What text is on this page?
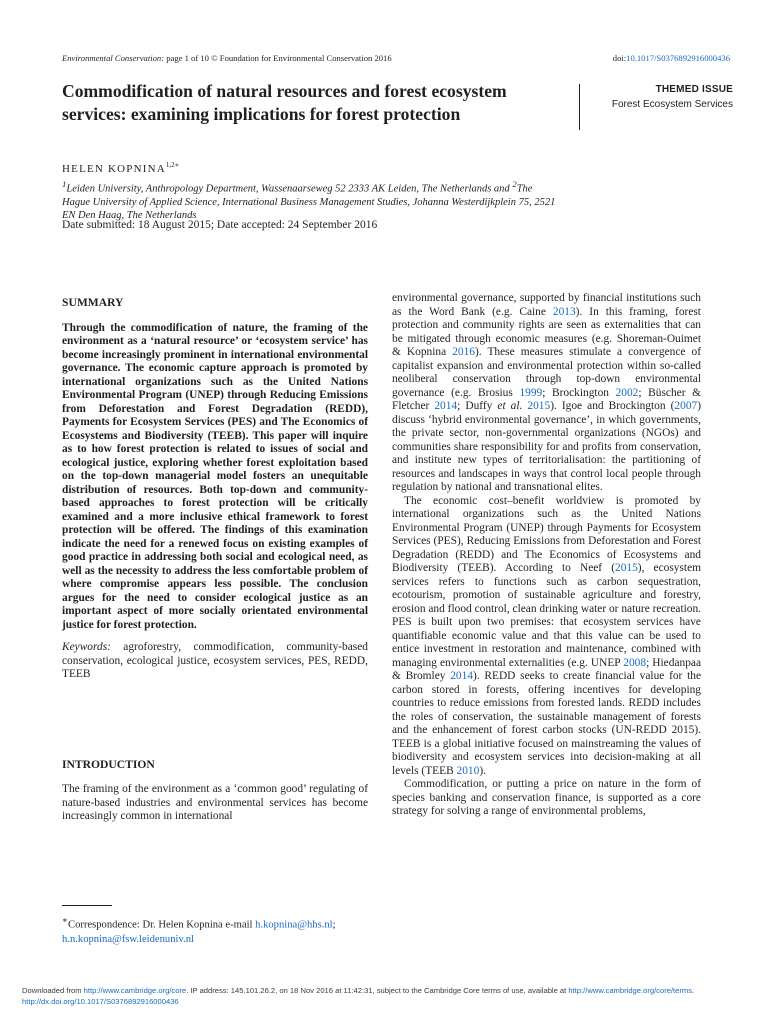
Environmental Conservation: page 1 of 10 © Foundation for Environmental Conservation 2016	doi:10.1017/S0376892916000436
Commodification of natural resources and forest ecosystem services: examining implications for forest protection
THEMED ISSUE
Forest Ecosystem Services
HELEN $KOPNINA^{1,2∗}$
$^1$Leiden University, Anthropology Department, Wassenaarseweg 52 2333 AK Leiden, The Netherlands and $^2$The Hague University of Applied Science, International Business Management Studies, Johanna Westerdijkplein 75, 2521 EN Den Haag, The Netherlands
Date submitted: 18 August 2015; Date accepted: 24 September 2016
SUMMARY

Through the commodification of nature, the framing of the environment as a ‘natural resource’ or ‘ecosystem service’ has become increasingly prominent in international environmental governance. The economic capture approach is promoted by international organizations such as the United Nations Environmental Program (UNEP) through Reducing Emissions from Deforestation and Forest Degradation (REDD), Payments for Ecosystem Services (PES) and The Economics of Ecosystems and Biodiversity (TEEB). This paper will inquire as to how forest protection is related to issues of social and ecological justice, exploring whether forest exploitation based on the top-down managerial model fosters an unequitable distribution of resources. Both top-down and community-based approaches to forest protection will be critically examined and a more inclusive ethical framework to forest protection will be offered. The findings of this examination indicate the need for a renewed focus on existing examples of good practice in addressing both social and ecological need, as well as the necessity to address the less comfortable problem of where compromise appears less possible. The conclusion argues for the need to consider ecological justice as an important aspect of more socially orientated environmental justice for forest protection.

Keywords: agroforestry, commodification, community-based conservation, ecological justice, ecosystem services, PES, REDD, TEEB

INTRODUCTION

The framing of the environment as a ‘common good’ regulating of nature-based industries and environmental services has become increasingly common in international

∗Correspondence: Dr. Helen Kopnina e-mail h.kopnina@hhs.nl; h.n.kopnina@fsw.leidenuniv.nl

environmental governance, supported by financial institutions such as the Word Bank (e.g. Caine 2013). In this framing, forest protection and community rights are seen as externalities that can be mitigated through economic measures (e.g. Shoreman-Ouimet & Kopnina 2016). These measures stimulate a convergence of capitalist expansion and environmental protection within so-called neoliberal conservation through top-down environmental governance (e.g. Brosius 1999; Brockington 2002; Büscher & Fletcher 2014; Duffy et al. 2015). Igoe and Brockington (2007) discuss ‘hybrid environmental governance’, in which governments, the private sector, non-governmental organizations (NGOs) and communities share responsibility for and profits from conservation, and institute new types of territorialisation: the partitioning of resources and landscapes in ways that control local people through regulation by national and transnational elites.

The economic cost–benefit worldview is promoted by international organizations such as the United Nations Environmental Program (UNEP) through Payments for Ecosystem Services (PES), Reducing Emissions from Deforestation and Forest Degradation (REDD) and The Economics of Ecosystems and Biodiversity (TEEB). According to Neef (2015), ecosystem services refers to functions such as carbon sequestration, ecotourism, promotion of sustainable agriculture and forestry, erosion and flood control, clean drinking water or nature recreation. PES is built upon two premises: that ecosystem services have quantifiable economic value and that this value can be used to entice investment in restoration and maintenance, combined with managing environmental externalities (e.g. UNEP 2008; Hiedanpaa & Bromley 2014). REDD seeks to create financial value for the carbon stored in forests, offering incentives for developing countries to reduce emissions from forested lands. REDD includes the roles of conservation, the sustainable management of forests and the enhancement of forest carbon stocks (UN-REDD 2015). TEEB is a global initiative focused on mainstreaming the values of biodiversity and ecosystem services into decision-making at all levels (TEEB 2010).

Commodification, or putting a price on nature in the form of species banking and conservation finance, is supported as a core strategy for solving a range of environmental problems,

Downloaded from http://www.cambridge.org/core. IP address: 145.101.26.2, on 18 Nov 2016 at 11:42:31, subject to the Cambridge Core terms of use, available at http://www.cambridge.org/core/terms.
http://dx.doi.org/10.1017/S0376892916000436
